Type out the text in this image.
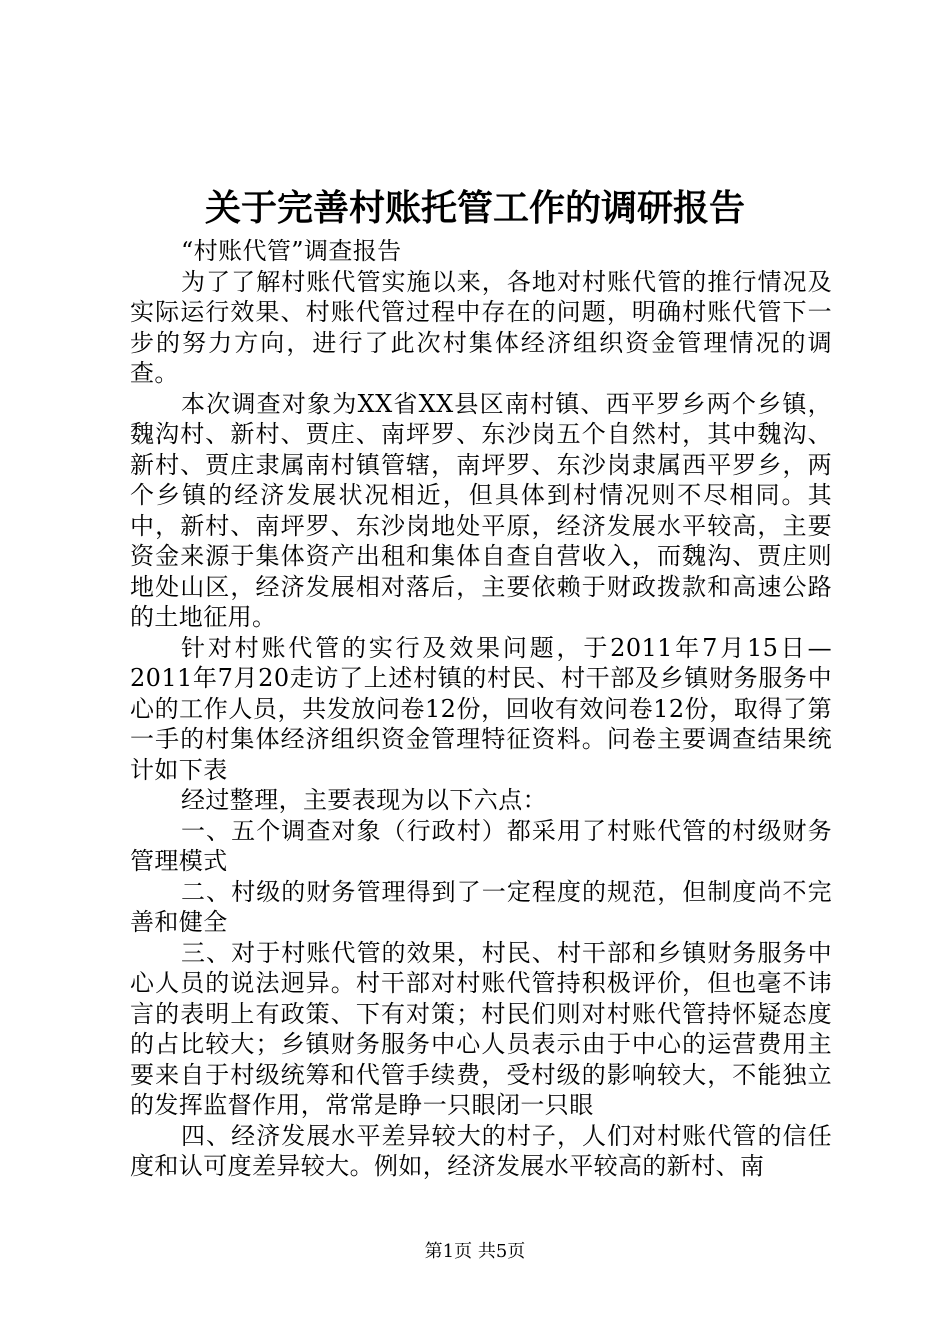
关于完善村账托管工作的调研报告

“村账代管”调查报告

为了了解村账代管实施以来，各地对村账代管的推行情况及实际运行效果、村账代管过程中存在的问题，明确村账代管下一步的努力方向，进行了此次村集体经济组织资金管理情况的调查。

本次调查对象为XX省XX县区南村镇、西平罗乡两个乡镇，魏沟村、新村、贾庄、南坪罗、东沙岗五个自然村，其中魏沟、新村、贾庄隶属南村镇管辖，南坪罗、东沙岗隶属西平罗乡，两个乡镇的经济发展状况相近，但具体到村情况则不尽相同。其中，新村、南坪罗、东沙岗地处平原，经济发展水平较高，主要资金来源于集体资产出租和集体自查自营收入，而魏沟、贾庄则地处山区，经济发展相对落后，主要依赖于财政拨款和高速公路的土地征用。

针对村账代管的实行及效果问题，于2011年7月15日—2011年7月20走访了上述村镇的村民、村干部及乡镇财务服务中心的工作人员，共发放问卷12份，回收有效问卷12份，取得了第一手的村集体经济组织资金管理特征资料。问卷主要调查结果统计如下表

经过整理，主要表现为以下六点：

一、五个调查对象（行政村）都采用了村账代管的村级财务管理模式

二、村级的财务管理得到了一定程度的规范，但制度尚不完善和健全

三、对于村账代管的效果，村民、村干部和乡镇财务服务中心人员的说法迥异。村干部对村账代管持积极评价，但也毫不讳言的表明上有政策、下有对策；村民们则对村账代管持怀疑态度的占比较大；乡镇财务服务中心人员表示由于中心的运营费用主要来自于村级统筹和代管手续费，受村级的影响较大，不能独立的发挥监督作用，常常是睁一只眼闭一只眼

四、经济发展水平差异较大的村子，人们对村账代管的信任度和认可度差异较大。例如，经济发展水平较高的新村、南

第1页 共5页
